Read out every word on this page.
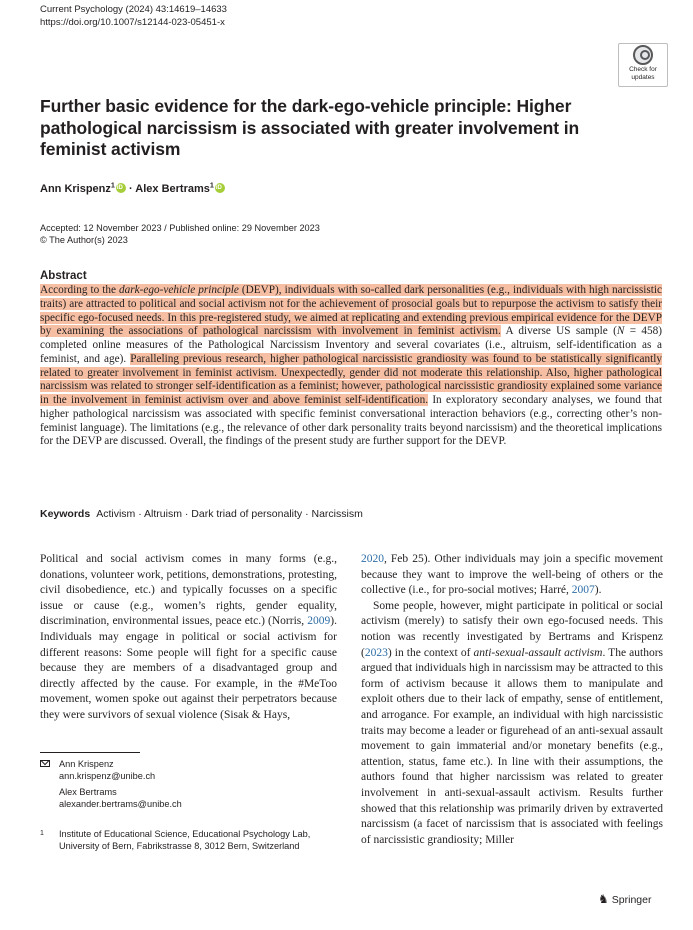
Current Psychology (2024) 43:14619–14633
https://doi.org/10.1007/s12144-023-05451-x
Check for
updates
Further basic evidence for the dark-ego-vehicle principle: Higher pathological narcissism is associated with greater involvement in feminist activism
Ann Krispenz$^1$iD · Alex Bertrams$^1$iD
Accepted: 12 November 2023 / Published online: 29 November 2023
© The Author(s) 2023
Abstract
According to the dark-ego-vehicle principle (DEVP), individuals with so-called dark personalities (e.g., individuals with high narcissistic traits) are attracted to political and social activism not for the achievement of prosocial goals but to repurpose the activism to satisfy their specific ego-focused needs. In this pre-registered study, we aimed at replicating and extending previous empirical evidence for the DEVP by examining the associations of pathological narcissism with involvement in feminist activism. A diverse US sample (N = 458) completed online measures of the Pathological Narcissism Inventory and several covariates (i.e., altruism, self-identification as a feminist, and age). Paralleling previous research, higher pathological narcissistic grandiosity was found to be statistically significantly related to greater involvement in feminist activism. Unexpectedly, gender did not moderate this relationship. Also, higher pathological narcissism was related to stronger self-identification as a feminist; however, pathological narcissistic grandiosity explained some variance in the involvement in feminist activism over and above feminist self-identification. In exploratory secondary analyses, we found that higher pathological narcissism was associated with specific feminist conversational interaction behaviors (e.g., correcting other’s non-feminist language). The limitations (e.g., the relevance of other dark personality traits beyond narcissism) and the theoretical implications for the DEVP are discussed. Overall, the findings of the present study are further support for the DEVP.
Keywords Activism · Altruism · Dark triad of personality · Narcissism

Political and social activism comes in many forms (e.g., donations, volunteer work, petitions, demonstrations, protesting, civil disobedience, etc.) and typically focusses on a specific issue or cause (e.g., women’s rights, gender equality, discrimination, environmental issues, peace etc.) (Norris, 2009). Individuals may engage in political or social activism for different reasons: Some people will fight for a specific cause because they are members of a disadvantaged group and directly affected by the cause. For example, in the #MeToo movement, women spoke out against their perpetrators because they were survivors of sexual violence (Sisak & Hays,

2020, Feb 25). Other individuals may join a specific movement because they want to improve the well-being of others or the collective (i.e., for pro-social motives; Harré, 2007).

Some people, however, might participate in political or social activism (merely) to satisfy their own ego-focused needs. This notion was recently investigated by Bertrams and Krispenz (2023) in the context of anti-sexual-assault activism. The authors argued that individuals high in narcissism may be attracted to this form of activism because it allows them to manipulate and exploit others due to their lack of empathy, sense of entitlement, and arrogance. For example, an individual with high narcissistic traits may become a leader or figurehead of an anti-sexual assault movement to gain immaterial and/or monetary benefits (e.g., attention, status, fame etc.). In line with their assumptions, the authors found that higher narcissism was related to greater involvement in anti-sexual-assault activism. Results further showed that this relationship was primarily driven by extraverted narcissism (a facet of narcissism that is associated with feelings of narcissistic grandiosity; Miller

Ann Krispenz
ann.krispenz@unibe.ch
Alex Bertrams
alexander.bertrams@unibe.ch
1	Institute of Educational Science, Educational Psychology Lab, University of Bern, Fabrikstrasse 8, 3012 Bern, Switzerland
♞ Springer
